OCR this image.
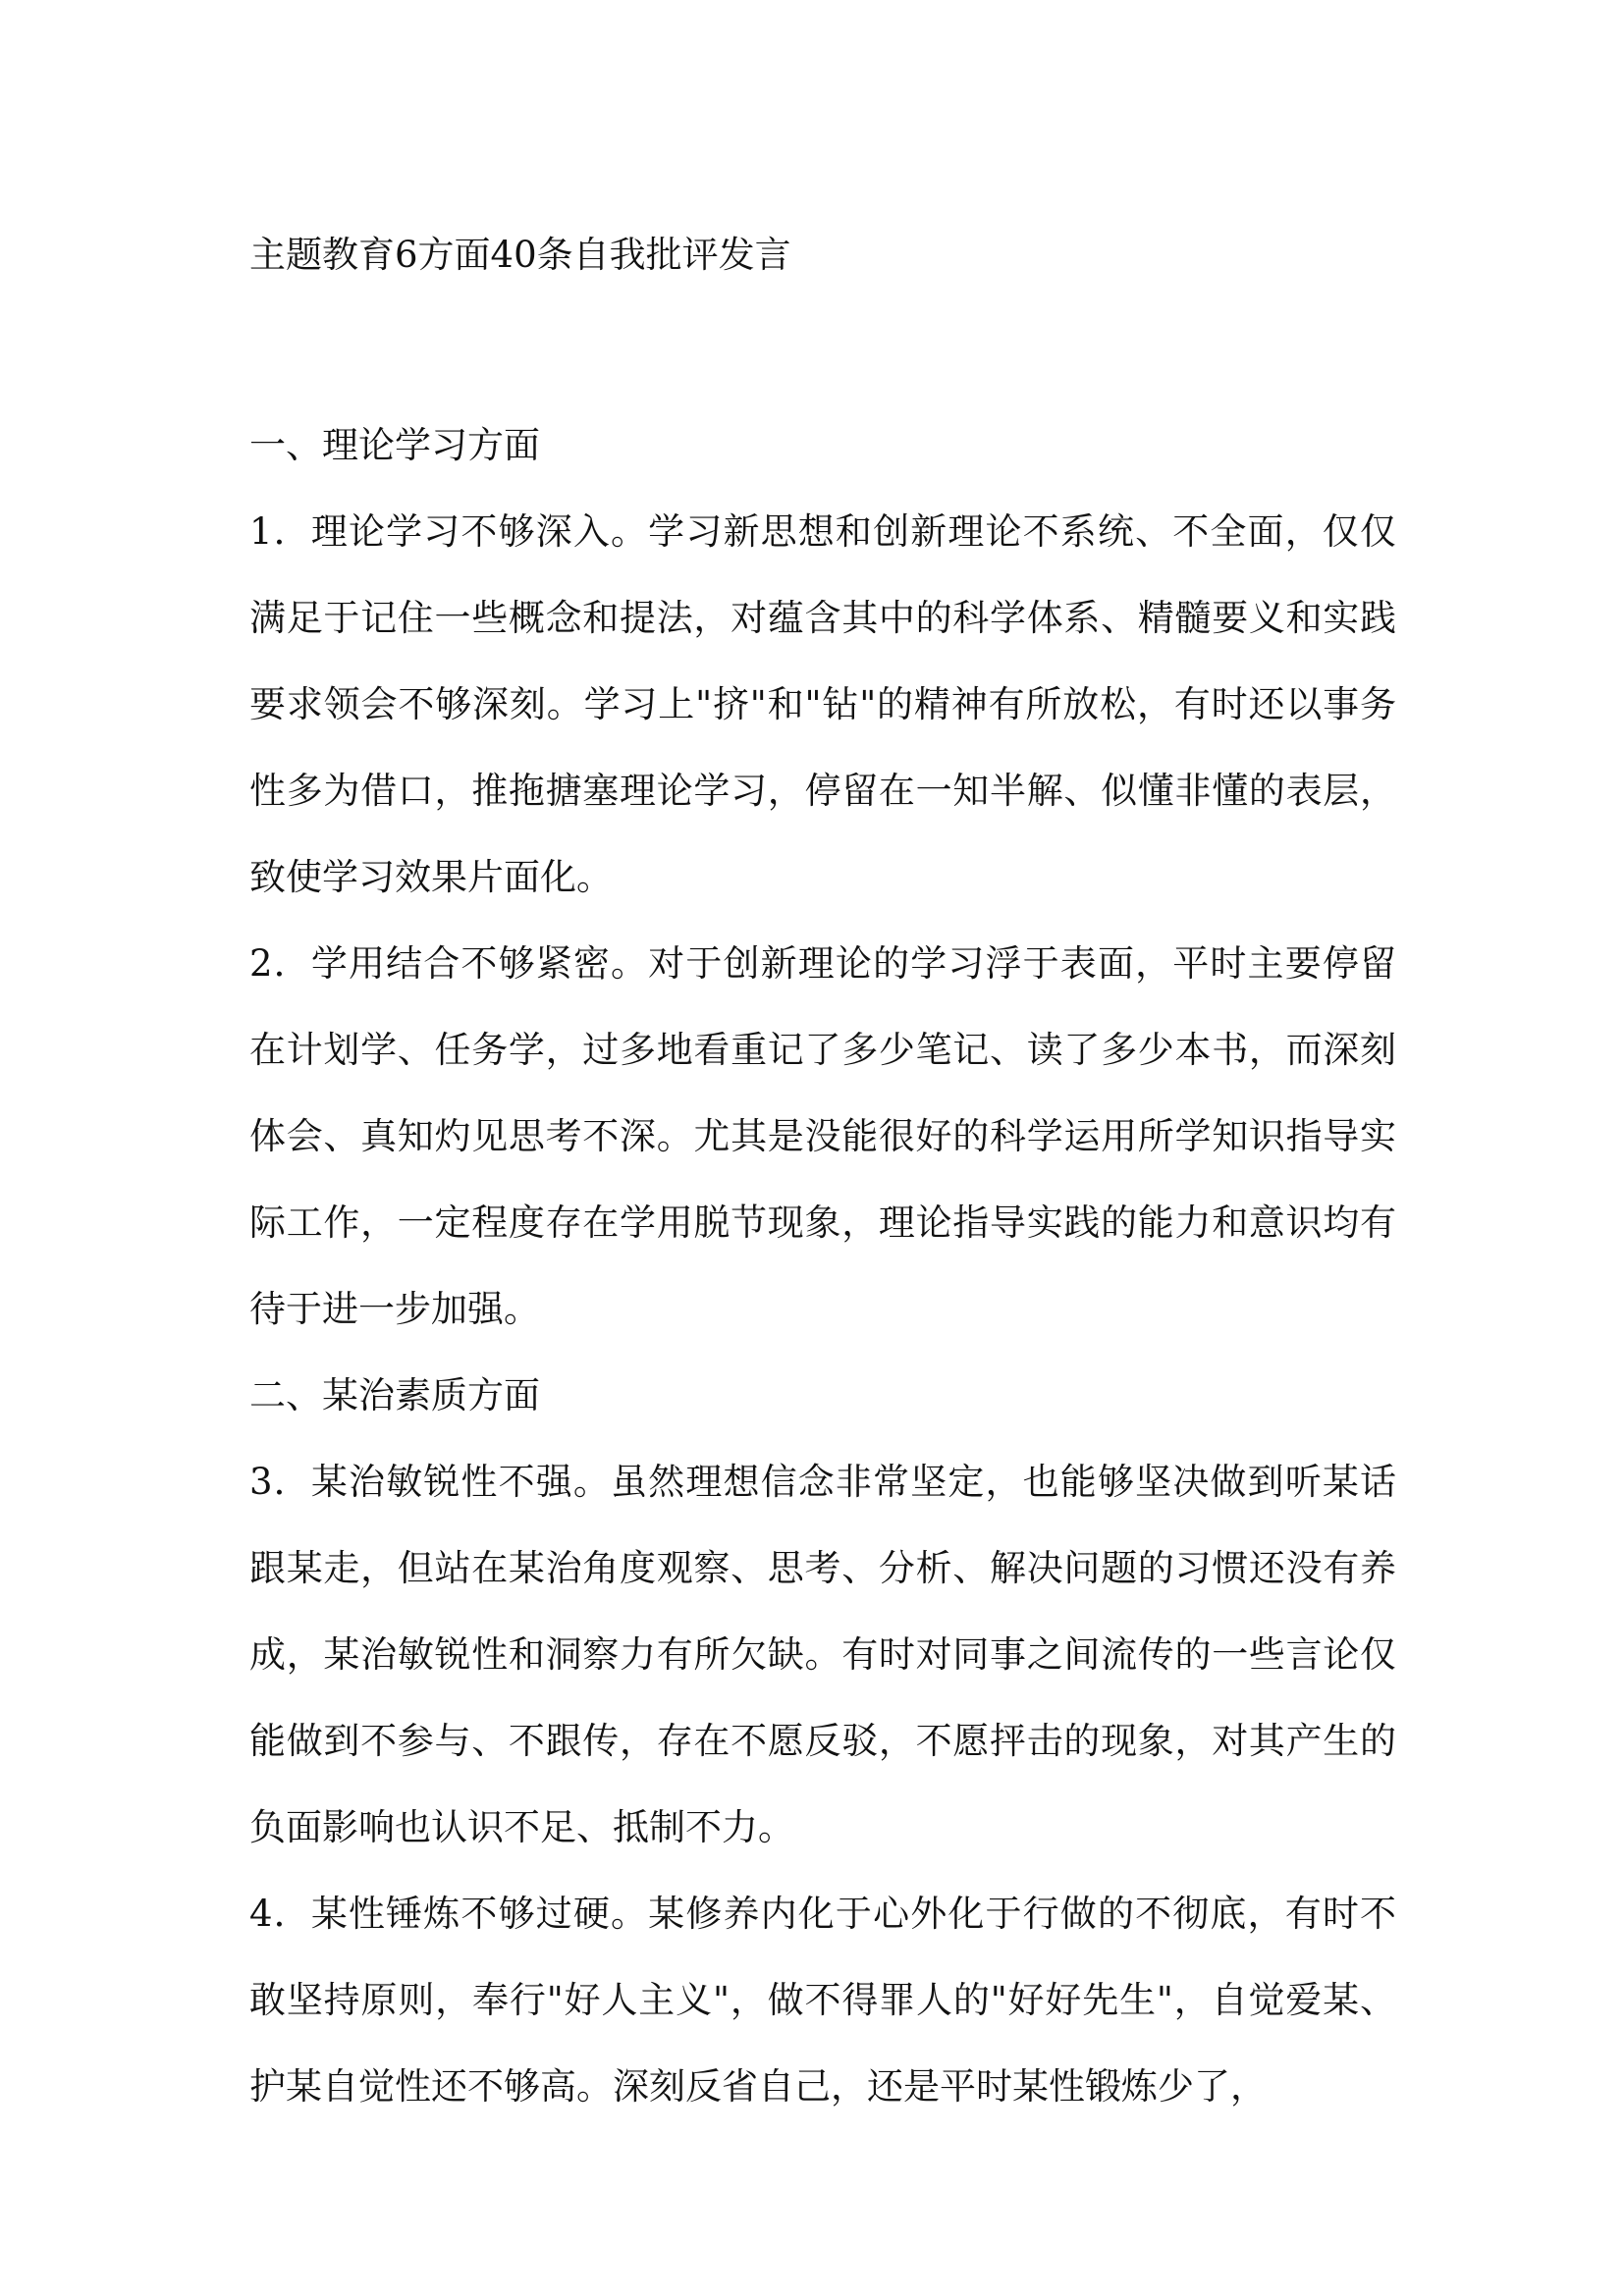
主题教育6方面40条自我批评发言
一、理论学习方面

1．理论学习不够深入。学习新思想和创新理论不系统、不全面，仅仅满足于记住一些概念和提法，对蕴含其中的科学体系、精髓要义和实践要求领会不够深刻。学习上"挤"和"钻"的精神有所放松，有时还以事务性多为借口，推拖搪塞理论学习，停留在一知半解、似懂非懂的表层，致使学习效果片面化。

2．学用结合不够紧密。对于创新理论的学习浮于表面，平时主要停留在计划学、任务学，过多地看重记了多少笔记、读了多少本书，而深刻体会、真知灼见思考不深。尤其是没能很好的科学运用所学知识指导实际工作，一定程度存在学用脱节现象，理论指导实践的能力和意识均有待于进一步加强。

二、某治素质方面

3．某治敏锐性不强。虽然理想信念非常坚定，也能够坚决做到听某话跟某走，但站在某治角度观察、思考、分析、解决问题的习惯还没有养成，某治敏锐性和洞察力有所欠缺。有时对同事之间流传的一些言论仅能做到不参与、不跟传，存在不愿反驳，不愿抨击的现象，对其产生的负面影响也认识不足、抵制不力。

4．某性锤炼不够过硬。某修养内化于心外化于行做的不彻底，有时不敢坚持原则，奉行"好人主义"，做不得罪人的"好好先生"，自觉爱某、护某自觉性还不够高。深刻反省自己，还是平时某性锻炼少了，
